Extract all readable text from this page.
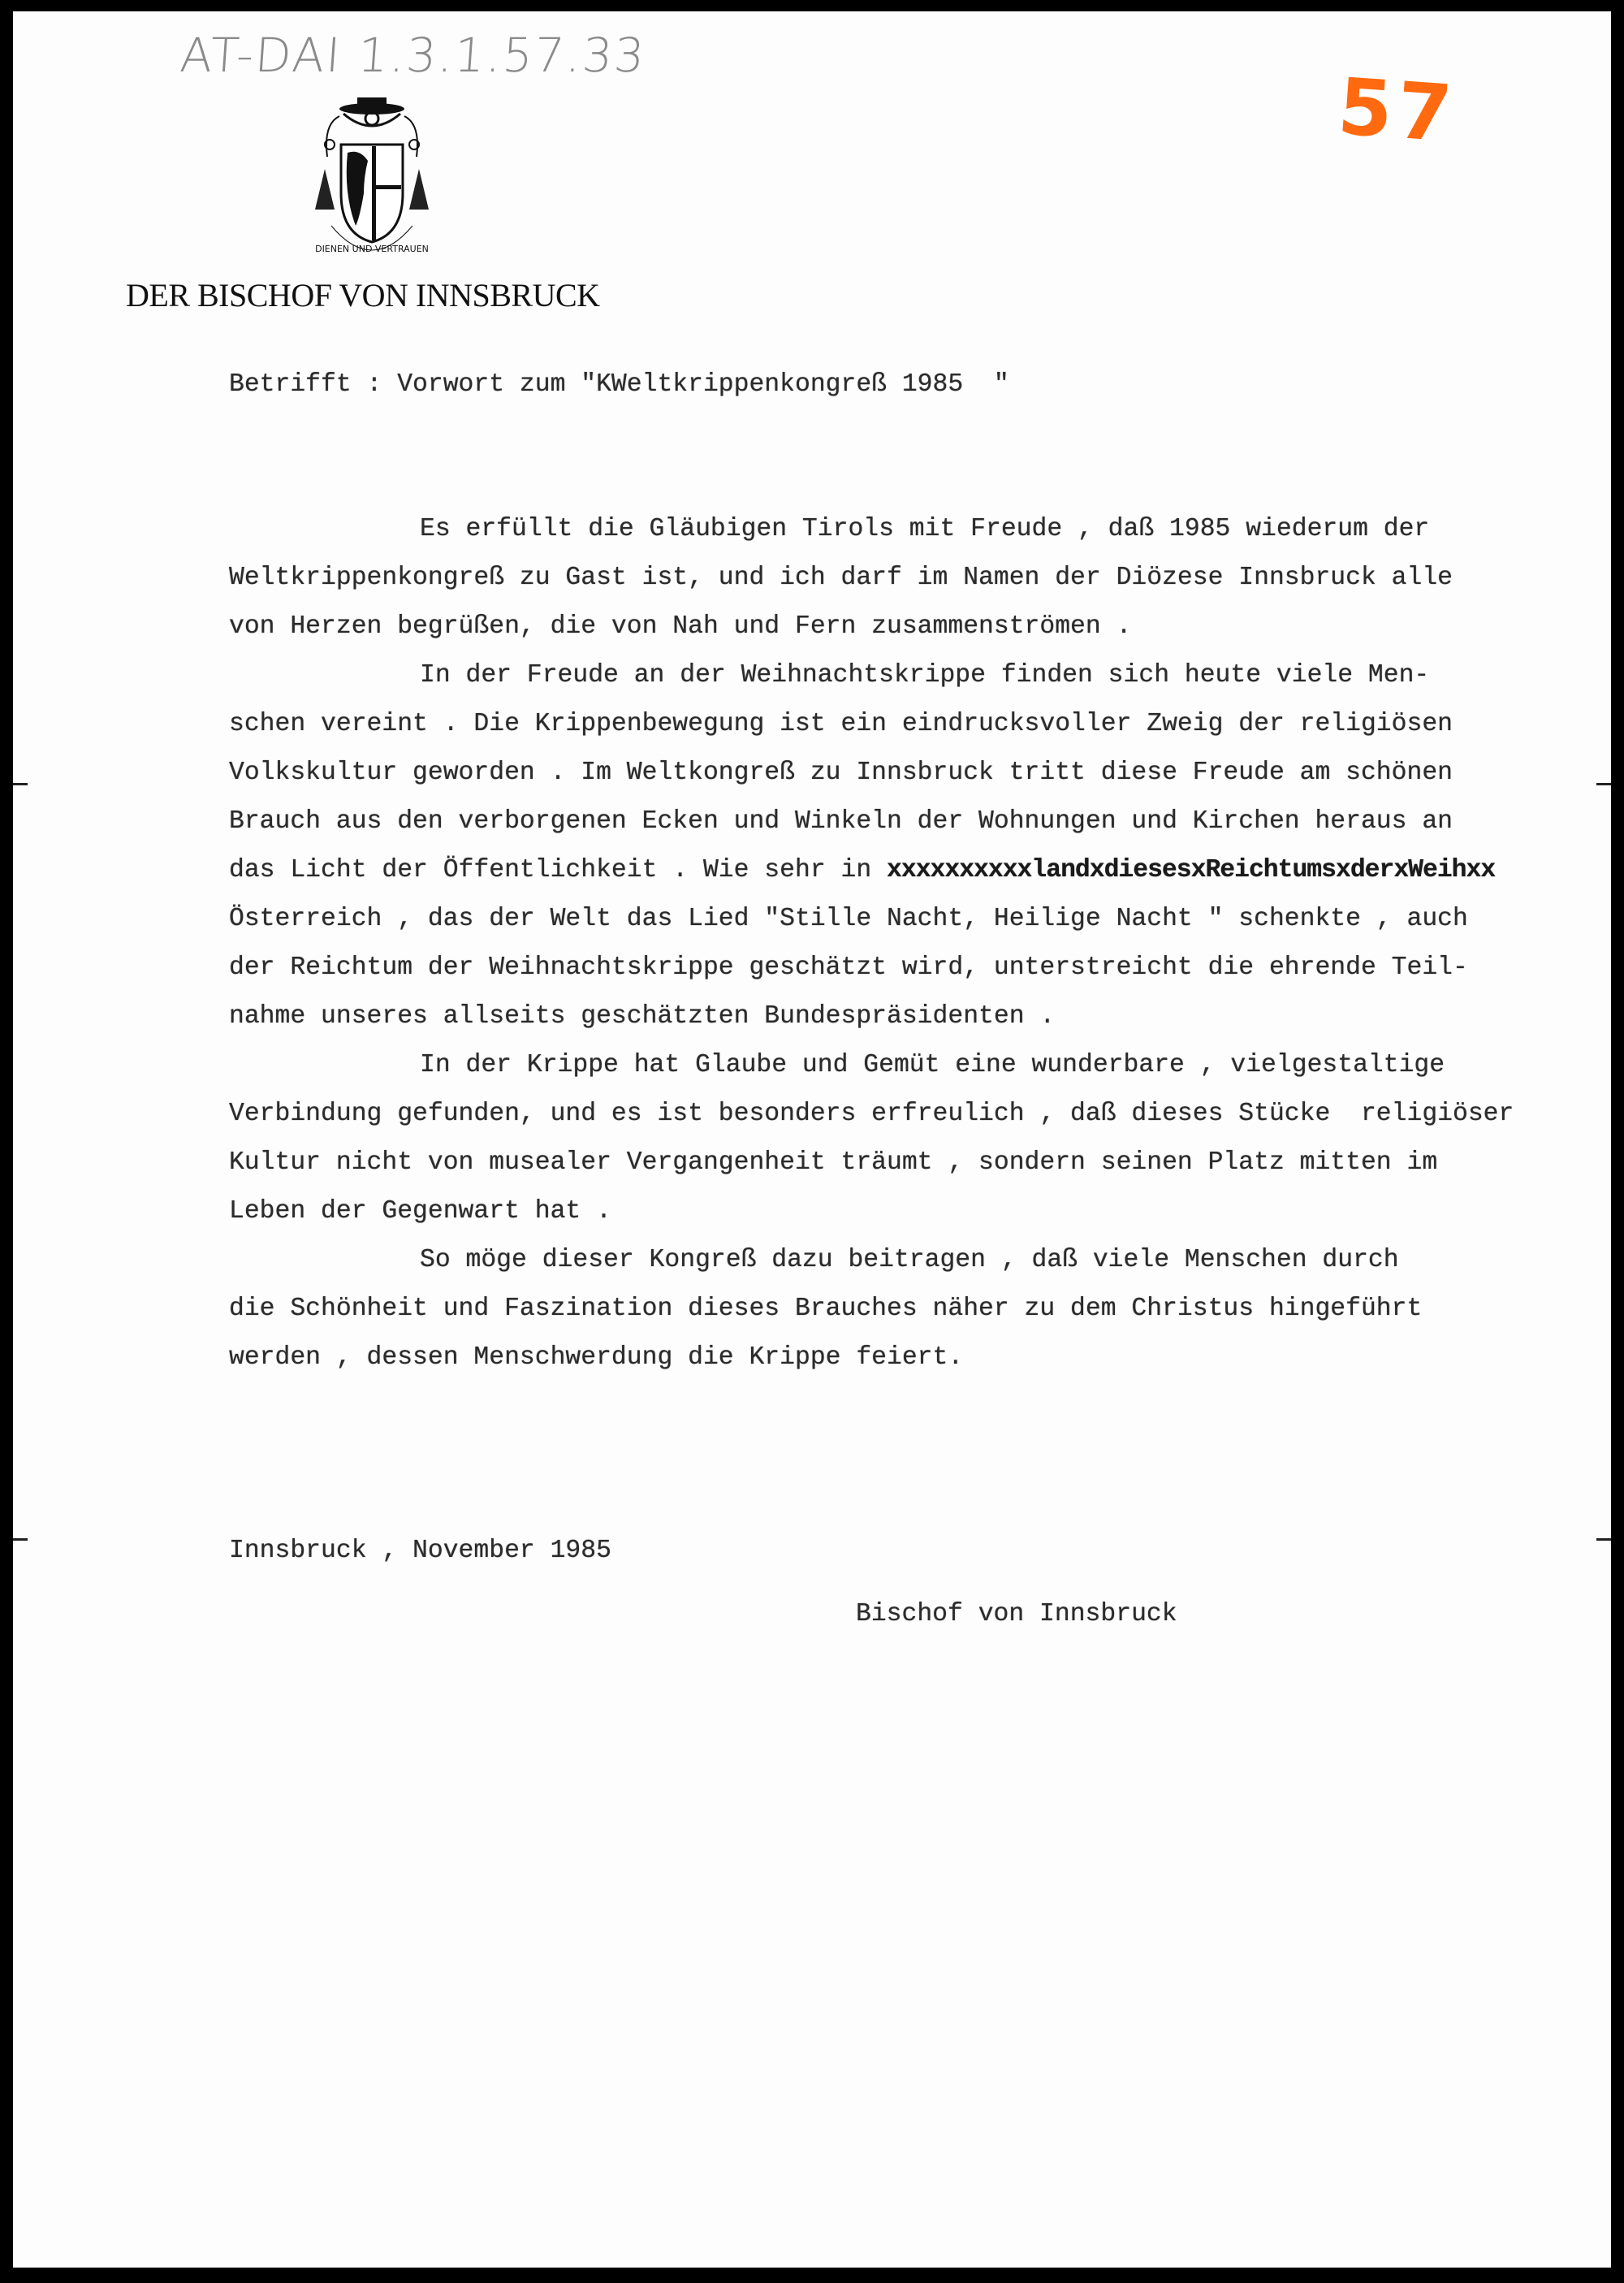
AT-DAI 1.3.1.57.33
57
DIENEN UND VERTRAUEN
DER BISCHOF VON INNSBRUCK
Betrifft : Vorwort zum "KWeltkrippenkongreß 1985  "
Es erfüllt die Gläubigen Tirols mit Freude , daß 1985 wiederum der
Weltkrippenkongreß zu Gast ist, und ich darf im Namen der Diözese Innsbruck alle
von Herzen begrüßen, die von Nah und Fern zusammenströmen .
In der Freude an der Weihnachtskrippe finden sich heute viele Men-
schen vereint . Die Krippenbewegung ist ein eindrucksvoller Zweig der religiösen
Volkskultur geworden . Im Weltkongreß zu Innsbruck tritt diese Freude am schönen
Brauch aus den verborgenen Ecken und Winkeln der Wohnungen und Kirchen heraus an
das Licht der Öffentlichkeit . Wie sehr in xxxxxxxxxxlandxdiesesxReichtumsxderxWeihxx
Österreich , das der Welt das Lied "Stille Nacht, Heilige Nacht " schenkte , auch
der Reichtum der Weihnachtskrippe geschätzt wird, unterstreicht die ehrende Teil-
nahme unseres allseits geschätzten Bundespräsidenten .
In der Krippe hat Glaube und Gemüt eine wunderbare , vielgestaltige
Verbindung gefunden, und es ist besonders erfreulich , daß dieses Stücke  religiöser
Kultur nicht von musealer Vergangenheit träumt , sondern seinen Platz mitten im
Leben der Gegenwart hat .
So möge dieser Kongreß dazu beitragen , daß viele Menschen durch
die Schönheit und Faszination dieses Brauches näher zu dem Christus hingeführt
werden , dessen Menschwerdung die Krippe feiert.
Innsbruck , November 1985
Bischof von Innsbruck
